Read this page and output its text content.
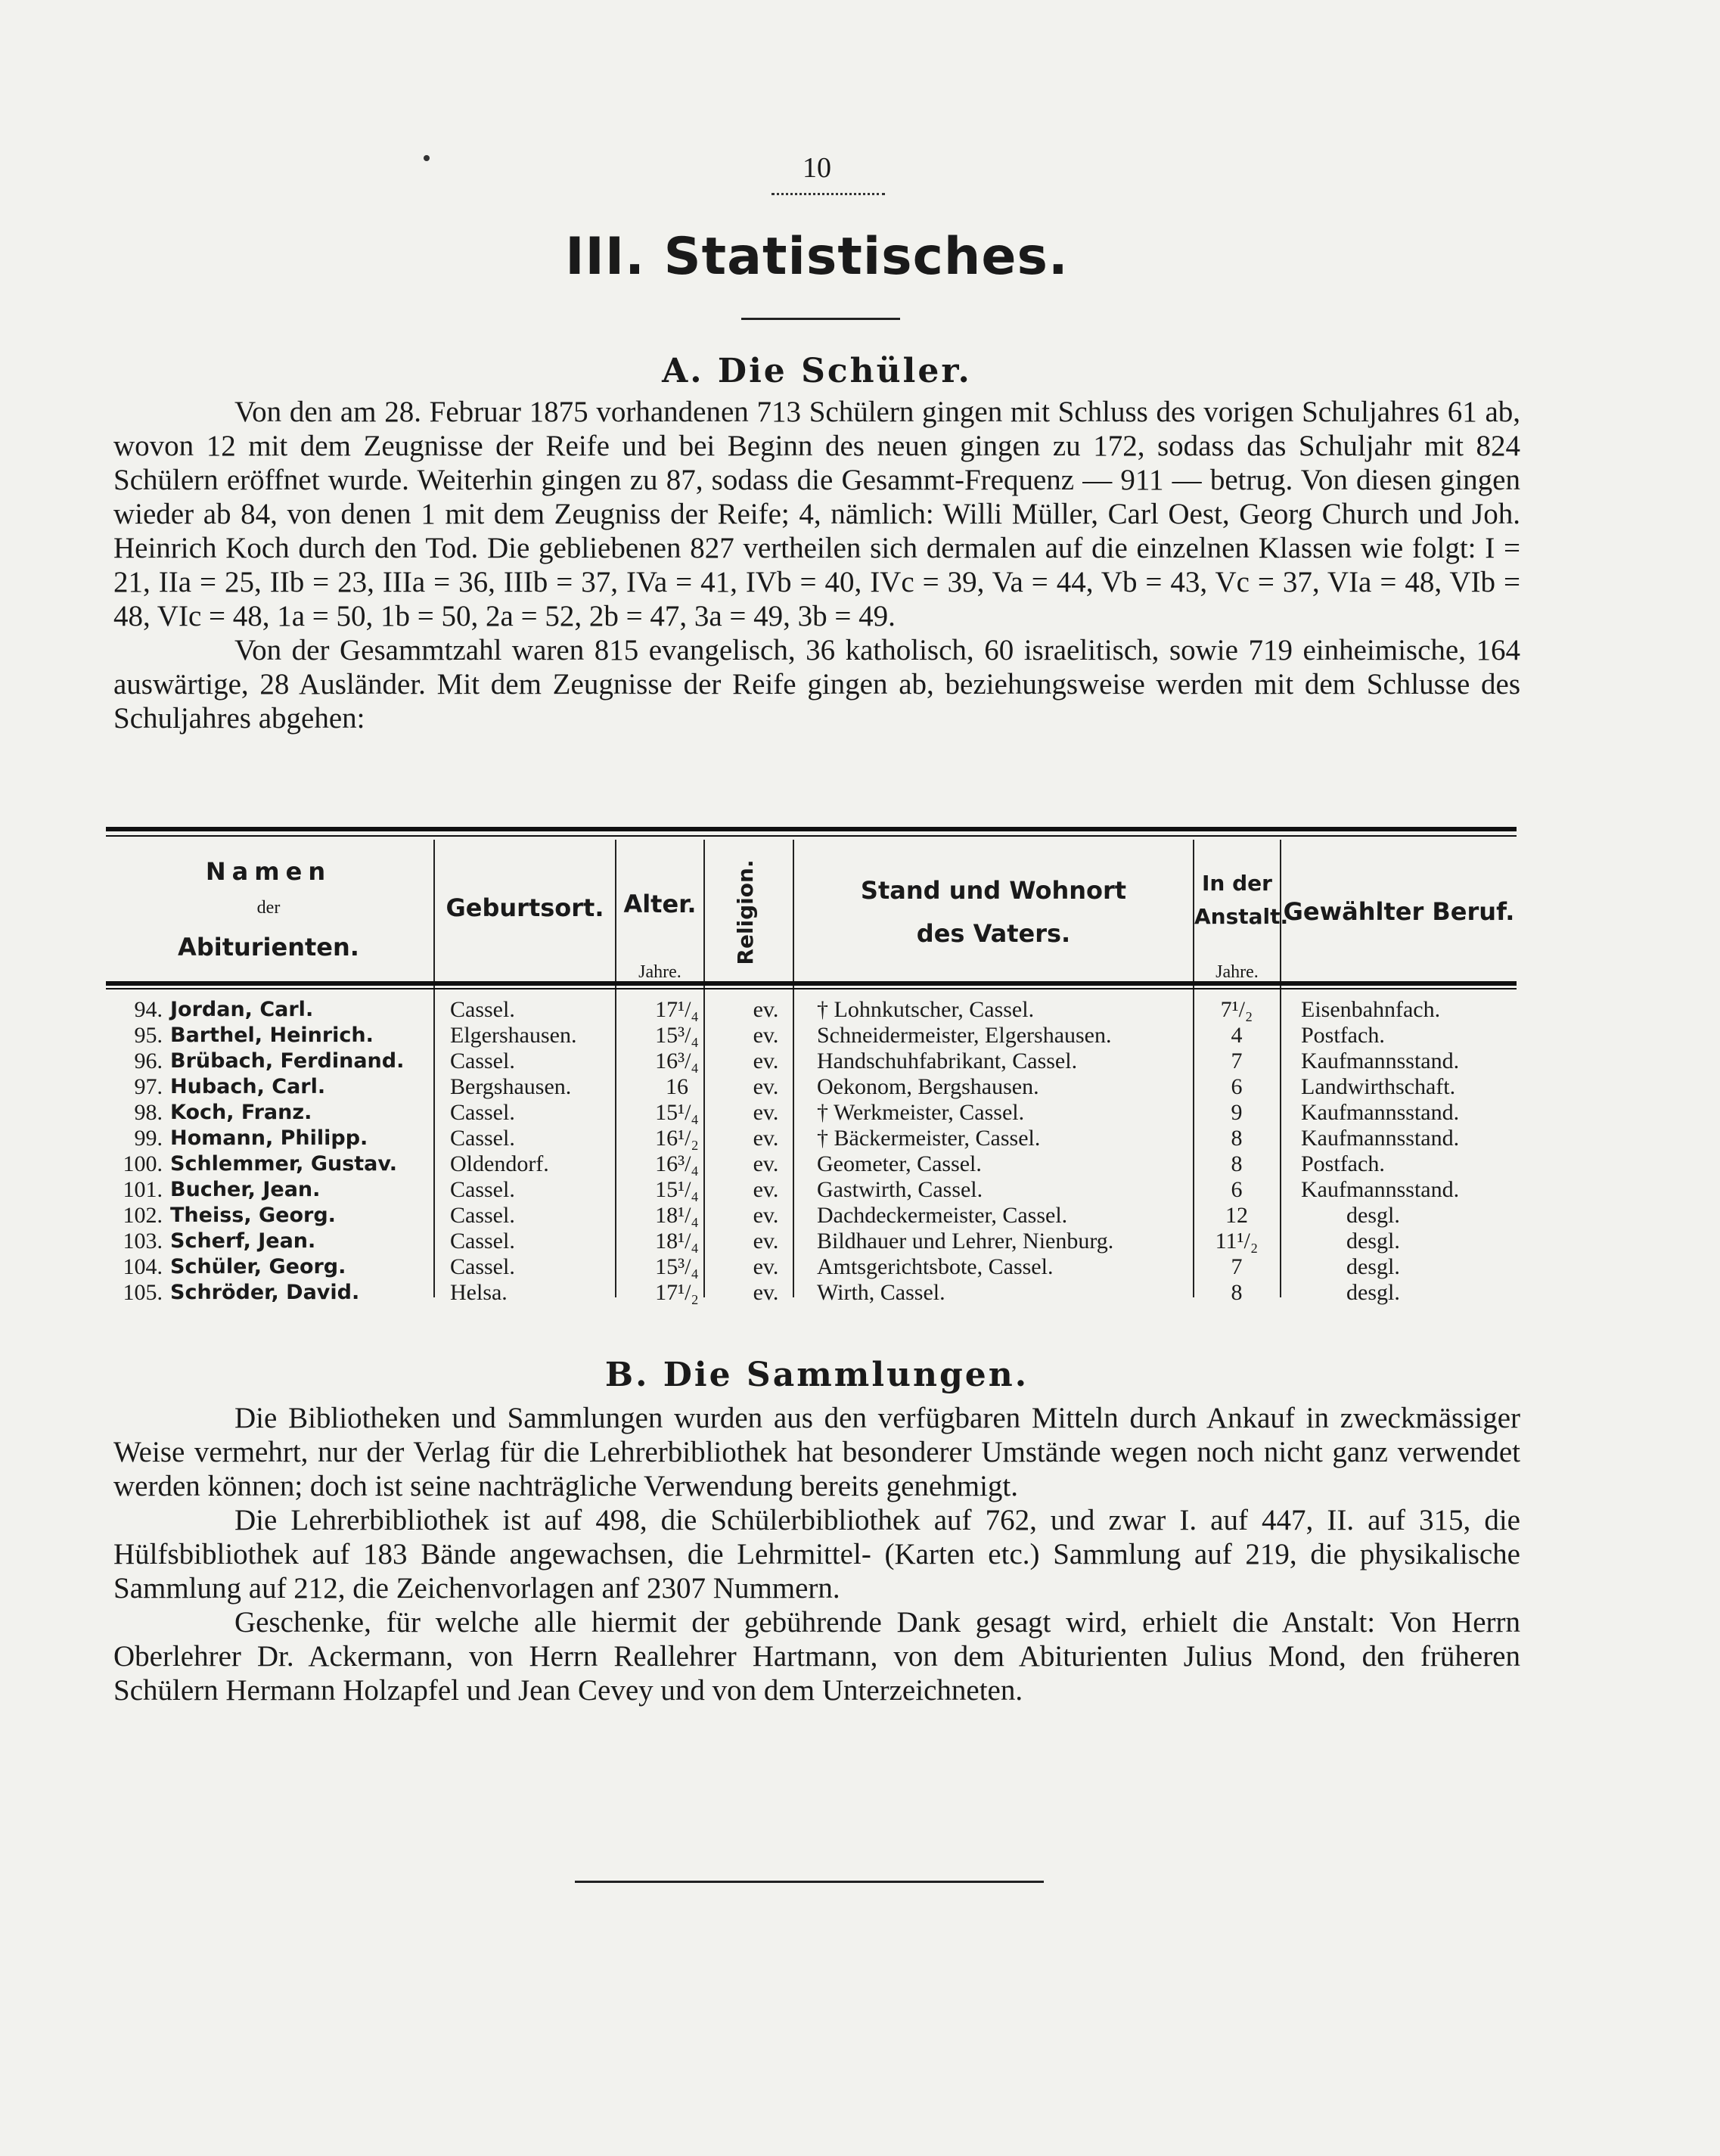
10
III. Statistisches.
A. Die Schüler.

Von den am 28. Februar 1875 vorhandenen 713 Schülern gingen mit Schluss des vorigen Schuljahres 61 ab, wovon 12 mit dem Zeugnisse der Reife und bei Beginn des neuen gingen zu 172, sodass das Schuljahr mit 824 Schülern eröffnet wurde. Weiterhin gingen zu 87, sodass die Gesammt-Frequenz — 911 — betrug. Von diesen gingen wieder ab 84, von denen 1 mit dem Zeugniss der Reife; 4, nämlich: Willi Müller, Carl Oest, Georg Church und Joh. Heinrich Koch durch den Tod. Die gebliebenen 827 vertheilen sich dermalen auf die einzelnen Klassen wie folgt: I = 21, IIa = 25, IIb = 23, IIIa = 36, IIIb = 37, IVa = 41, IVb = 40, IVc = 39, Va = 44, Vb = 43, Vc = 37, VIa = 48, VIb = 48, VIc = 48, 1a = 50, 1b = 50, 2a = 52, 2b = 47, 3a = 49, 3b = 49.

Von der Gesammtzahl waren 815 evangelisch, 36 katholisch, 60 israelitisch, sowie 719 einheimische, 164 auswärtige, 28 Ausländer. Mit dem Zeugnisse der Reife gingen ab, beziehungsweise werden mit dem Schlusse des Schuljahres abgehen:

Namen
der
Abiturienten.
Geburtsort. Alter.
Jahre.
Religion.	Stand und Wohnort
des Vaters.
In der
Anstalt.
Jahre.
Gewählter Beruf.
94. Jordan, Carl.	Cassel.	17¹/₄	ev.	† Lohnkutscher, Cassel.	7¹/₂	Eisenbahnfach.
95. Barthel, Heinrich.	Elgershausen.	15³/₄	ev.	Schneidermeister, Elgershausen.	4	Postfach.
96. Brübach, Ferdinand. Cassel.	16³/₄	ev.	Handschuhfabrikant, Cassel.	7	Kaufmannsstand.
97. Hubach, Carl.	Bergshausen.	16	ev.	Oekonom, Bergshausen.	6	Landwirthschaft.
98. Koch, Franz.	Cassel.	15¹/₄	ev.	† Werkmeister, Cassel.	9	Kaufmannsstand.
99. Homann, Philipp.	Cassel.	16¹/₂	ev.	† Bäckermeister, Cassel.	8	Kaufmannsstand.
100. Schlemmer, Gustav. Oldendorf.	16³/₄	ev.	Geometer, Cassel.	8	Postfach.
101. Bucher, Jean.	Cassel.	15¹/₄	ev.	Gastwirth, Cassel.	6	Kaufmannsstand.
102. Theiss, Georg.	Cassel.	18¹/₄	ev.	Dachdeckermeister, Cassel.	12	desgl.
103. Scherf, Jean.	Cassel.	18¹/₄	ev.	Bildhauer und Lehrer, Nienburg.	11¹/₂	desgl.
104. Schüler, Georg.	Cassel.	15³/₄	ev.	Amtsgerichtsbote, Cassel.	7	desgl.
105. Schröder, David.	Helsa.	17¹/₂	ev.	Wirth, Cassel.	8	desgl.
B. Die Sammlungen.

Die Bibliotheken und Sammlungen wurden aus den verfügbaren Mitteln durch Ankauf in zweckmässiger Weise vermehrt, nur der Verlag für die Lehrerbibliothek hat besonderer Umstände wegen noch nicht ganz verwendet werden können; doch ist seine nachträgliche Verwendung bereits genehmigt.

Die Lehrerbibliothek ist auf 498, die Schülerbibliothek auf 762, und zwar I. auf 447, II. auf 315, die Hülfsbibliothek auf 183 Bände angewachsen, die Lehrmittel- (Karten etc.) Sammlung auf 219, die physikalische Sammlung auf 212, die Zeichenvorlagen anf 2307 Nummern.

Geschenke, für welche alle hiermit der gebührende Dank gesagt wird, erhielt die Anstalt: Von Herrn Oberlehrer Dr. Ackermann, von Herrn Reallehrer Hartmann, von dem Abiturienten Julius Mond, den früheren Schülern Hermann Holzapfel und Jean Cevey und von dem Unterzeichneten.
